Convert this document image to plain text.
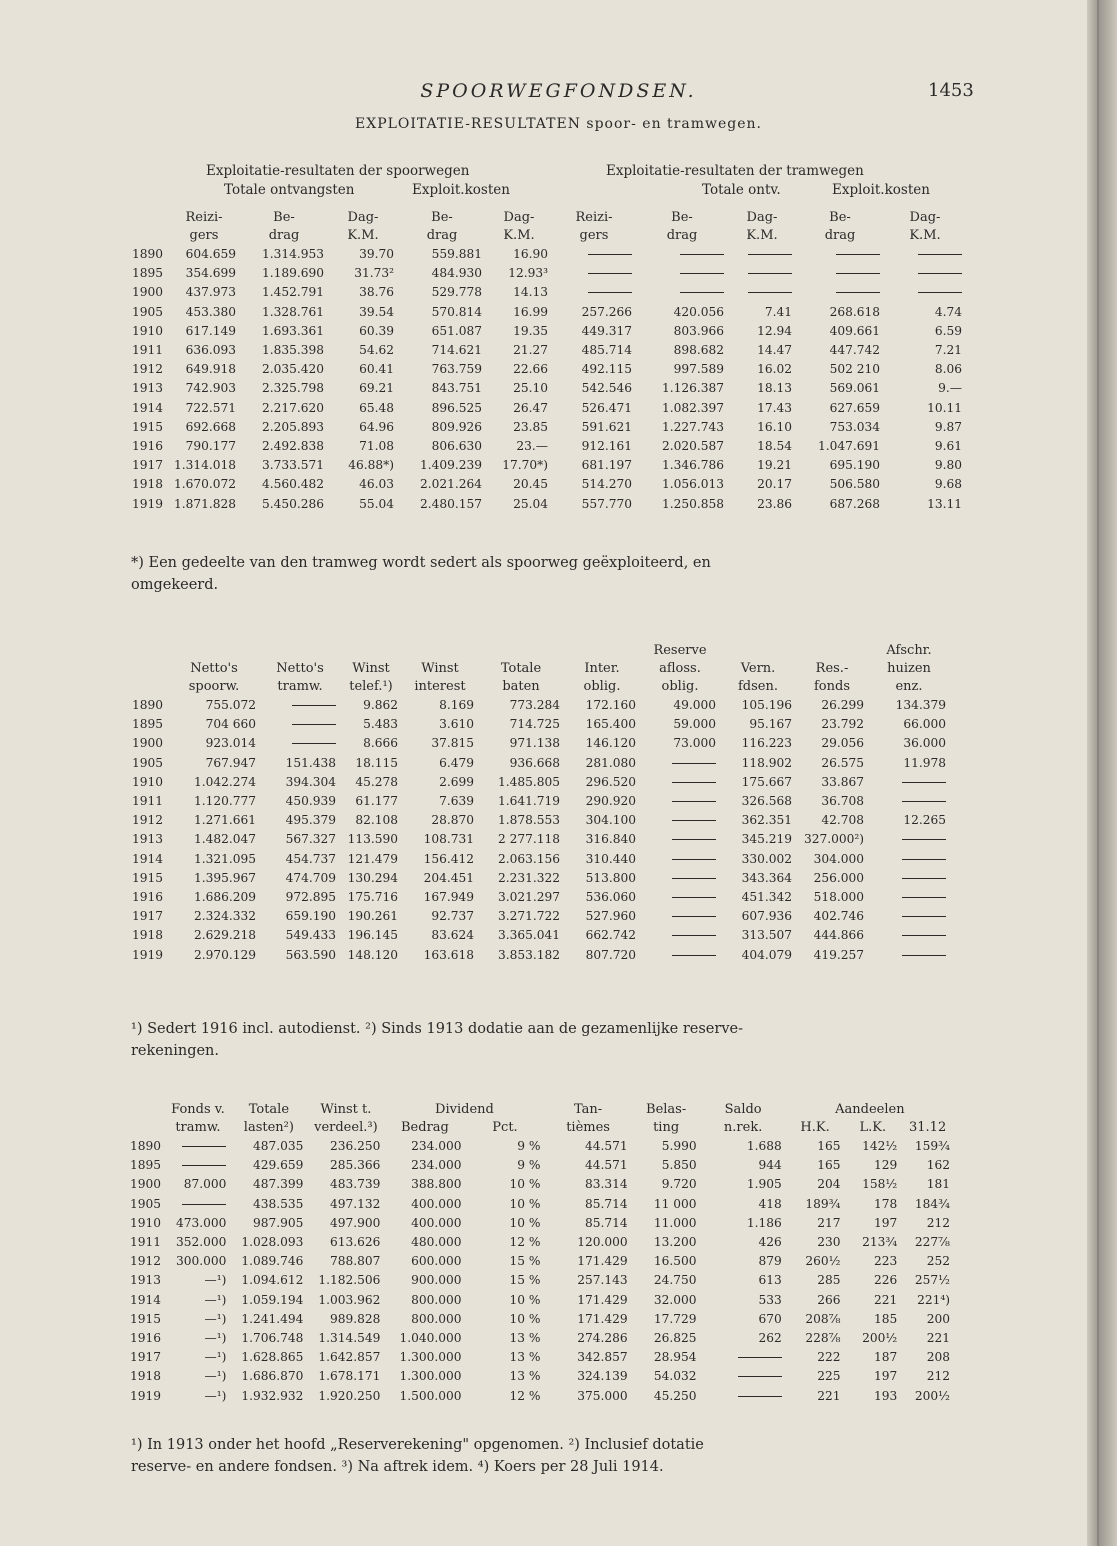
SPOORWEGFONDSEN.	1453
EXPLOITATIE-RESULTATEN spoor- en tramwegen.
Exploitatie-resultaten der spoorwegen	Exploitatie-resultaten der tramwegen
Totale ontvangsten	Exploit.kosten	Totale ontv.	Exploit.kosten
	Reizi-	Be-	Dag-	Be-	Dag-	Reizi-	Be-	Dag-	Be-	Dag-
	gers	drag	K.M.	drag	K.M.	gers	drag	K.M.	drag	K.M.
1890	604.659	1.314.953	39.70	559.881	16.90					
1895	354.699	1.189.690	31.73²	484.930	12.93³					
1900	437.973	1.452.791	38.76	529.778	14.13					
1905	453.380	1.328.761	39.54	570.814	16.99	257.266	420.056	7.41	268.618	4.74
1910	617.149	1.693.361	60.39	651.087	19.35	449.317	803.966	12.94	409.661	6.59
1911	636.093	1.835.398	54.62	714.621	21.27	485.714	898.682	14.47	447.742	7.21
1912	649.918	2.035.420	60.41	763.759	22.66	492.115	997.589	16.02	502 210	8.06
1913	742.903	2.325.798	69.21	843.751	25.10	542.546	1.126.387	18.13	569.061	9.—
1914	722.571	2.217.620	65.48	896.525	26.47	526.471	1.082.397	17.43	627.659	10.11
1915	692.668	2.205.893	64.96	809.926	23.85	591.621	1.227.743	16.10	753.034	9.87
1916	790.177	2.492.838	71.08	806.630	23.—	912.161	2.020.587	18.54	1.047.691	9.61
1917	1.314.018	3.733.571	46.88*)	1.409.239	17.70*)	681.197	1.346.786	19.21	695.190	9.80
1918	1.670.072	4.560.482	46.03	2.021.264	20.45	514.270	1.056.013	20.17	506.580	9.68
1919	1.871.828	5.450.286	55.04	2.480.157	25.04	557.770	1.250.858	23.86	687.268	13.11
*) Een gedeelte van den tramweg wordt sedert als spoorweg geëxploiteerd, en
omgekeerd.
							Reserve			Afschr.
	Netto's	Netto's	Winst	Winst	Totale	Inter.	afloss.	Vern.	Res.-	huizen
	spoorw.	tramw.	telef.¹)	interest	baten	oblig.	oblig.	fdsen.	fonds	enz.
1890	755.072		9.862	8.169	773.284	172.160	49.000	105.196	26.299	134.379
1895	704 660		5.483	3.610	714.725	165.400	59.000	95.167	23.792	66.000
1900	923.014		8.666	37.815	971.138	146.120	73.000	116.223	29.056	36.000
1905	767.947	151.438	18.115	6.479	936.668	281.080		118.902	26.575	11.978
1910	1.042.274	394.304	45.278	2.699	1.485.805	296.520		175.667	33.867	
1911	1.120.777	450.939	61.177	7.639	1.641.719	290.920		326.568	36.708	
1912	1.271.661	495.379	82.108	28.870	1.878.553	304.100		362.351	42.708	12.265
1913	1.482.047	567.327	113.590	108.731	2 277.118	316.840		345.219	327.000²)	
1914	1.321.095	454.737	121.479	156.412	2.063.156	310.440		330.002	304.000	
1915	1.395.967	474.709	130.294	204.451	2.231.322	513.800		343.364	256.000	
1916	1.686.209	972.895	175.716	167.949	3.021.297	536.060		451.342	518.000	
1917	2.324.332	659.190	190.261	92.737	3.271.722	527.960		607.936	402.746	
1918	2.629.218	549.433	196.145	83.624	3.365.041	662.742		313.507	444.866	
1919	2.970.129	563.590	148.120	163.618	3.853.182	807.720		404.079	419.257	
¹) Sedert 1916 incl. autodienst. ²) Sinds 1913 dodatie aan de gezamenlijke reserve-
rekeningen.
	Fonds v.	Totale	Winst t.	Dividend		Tan-	Belas-	Saldo	Aandeelen		
	tramw.	lasten²)	verdeel.³)	Bedrag	Pct.	tièmes	ting	n.rek.	H.K.	L.K.	31.12
1890		487.035	236.250	234.000	9 %	44.571	5.990	1.688	165	142½	159¾
1895		429.659	285.366	234.000	9 %	44.571	5.850	944	165	129	162
1900	87.000	487.399	483.739	388.800	10 %	83.314	9.720	1.905	204	158½	181
1905		438.535	497.132	400.000	10 %	85.714	11 000	418	189¾	178	184¾
1910	473.000	987.905	497.900	400.000	10 %	85.714	11.000	1.186	217	197	212
1911	352.000	1.028.093	613.626	480.000	12 %	120.000	13.200	426	230	213¾	227⅞
1912	300.000	1.089.746	788.807	600.000	15 %	171.429	16.500	879	260½	223	252
1913	—¹)	1.094.612	1.182.506	900.000	15 %	257.143	24.750	613	285	226	257½
1914	—¹)	1.059.194	1.003.962	800.000	10 %	171.429	32.000	533	266	221	221⁴)
1915	—¹)	1.241.494	989.828	800.000	10 %	171.429	17.729	670	208⅞	185	200
1916	—¹)	1.706.748	1.314.549	1.040.000	13 %	274.286	26.825	262	228⅞	200½	221
1917	—¹)	1.628.865	1.642.857	1.300.000	13 %	342.857	28.954		222	187	208
1918	—¹)	1.686.870	1.678.171	1.300.000	13 %	324.139	54.032		225	197	212
1919	—¹)	1.932.932	1.920.250	1.500.000	12 %	375.000	45.250		221	193	200½
¹) In 1913 onder het hoofd „Reserverekening" opgenomen. ²) Inclusief dotatie
reserve- en andere fondsen. ³) Na aftrek idem. ⁴) Koers per 28 Juli 1914.
